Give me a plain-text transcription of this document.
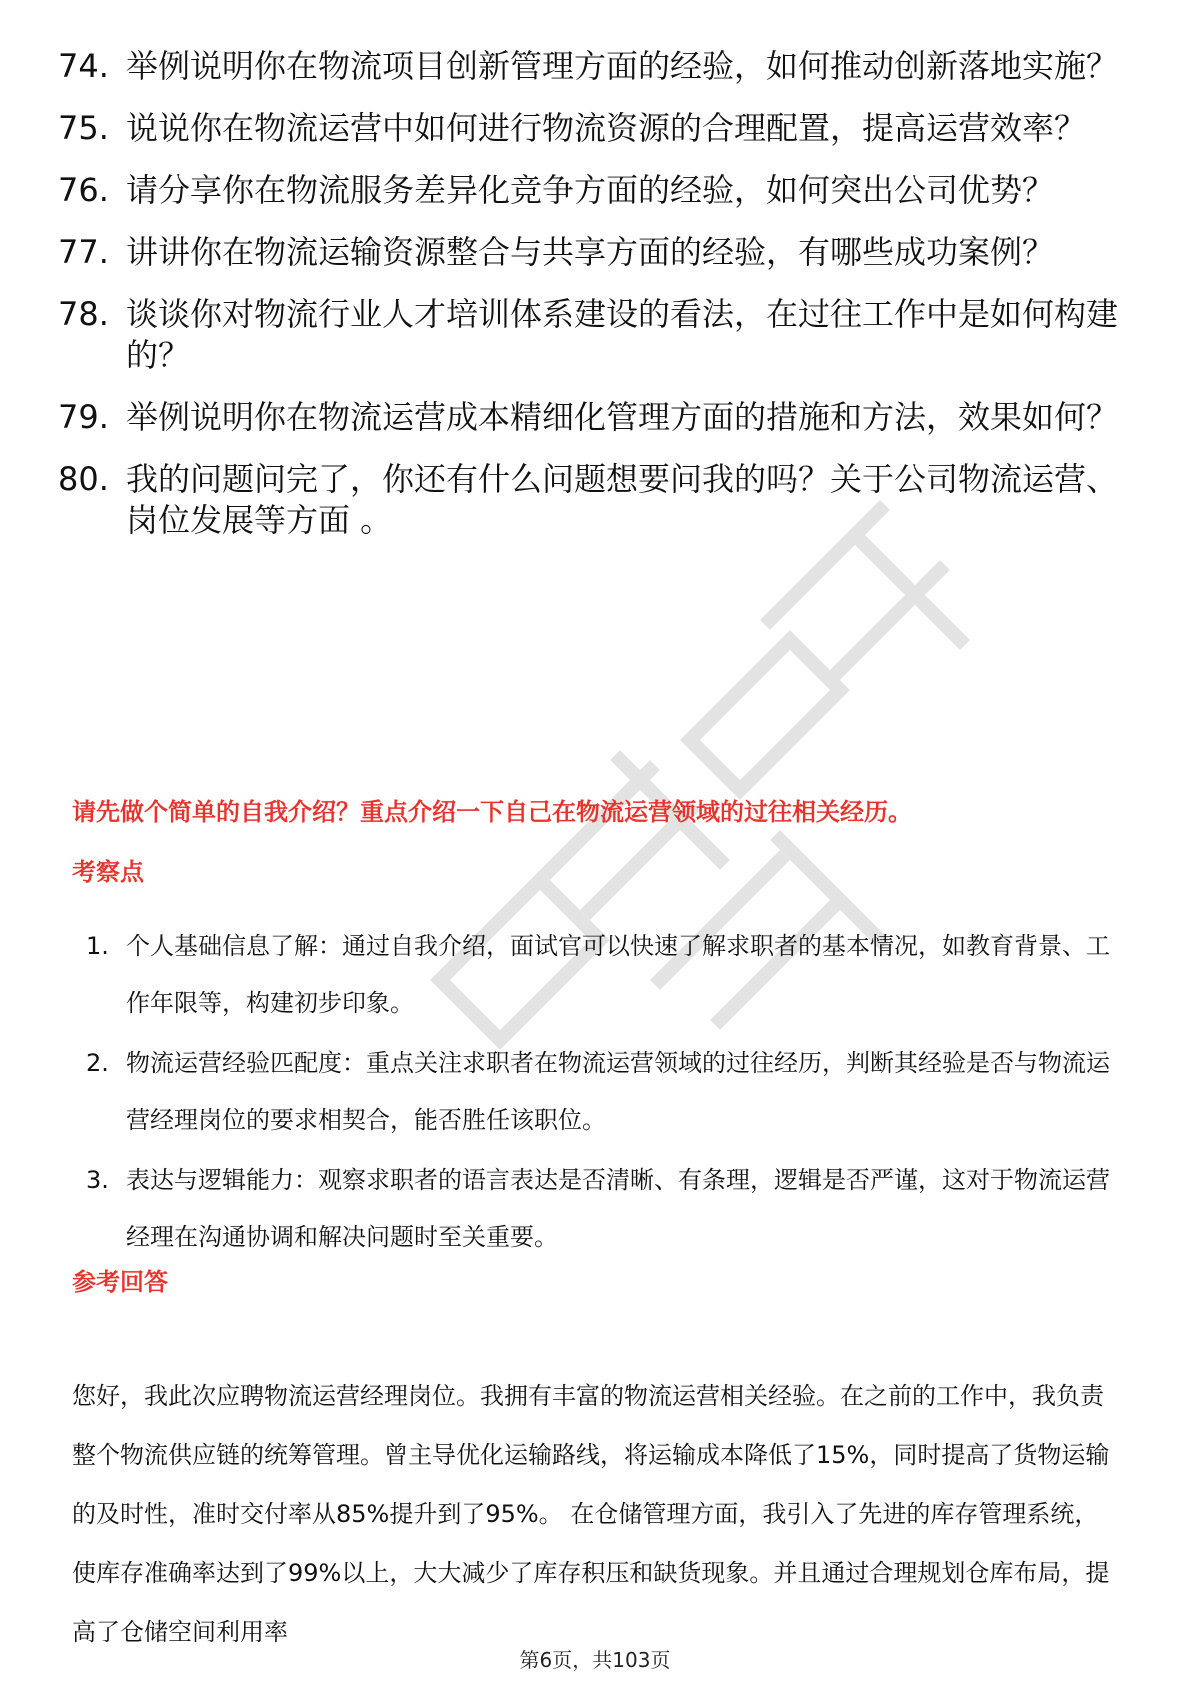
74. 举例说明你在物流项目创新管理方面的经验，如何推动创新落地实施？
75. 说说你在物流运营中如何进行物流资源的合理配置，提高运营效率？
76. 请分享你在物流服务差异化竞争方面的经验，如何突出公司优势？
77. 讲讲你在物流运输资源整合与共享方面的经验，有哪些成功案例？
78. 谈谈你对物流行业人才培训体系建设的看法，在过往工作中是如何构建的？
79. 举例说明你在物流运营成本精细化管理方面的措施和方法，效果如何？
80. 我的问题问完了，你还有什么问题想要问我的吗？关于公司物流运营、岗位发展等方面 。
请先做个简单的自我介绍？重点介绍一下自己在物流运营领域的过往相关经历。
考察点
1. 个人基础信息了解：通过自我介绍，面试官可以快速了解求职者的基本情况，如教育背景、工作年限等，构建初步印象。
2. 物流运营经验匹配度：重点关注求职者在物流运营领域的过往经历，判断其经验是否与物流运营经理岗位的要求相契合，能否胜任该职位。
3. 表达与逻辑能力：观察求职者的语言表达是否清晰、有条理，逻辑是否严谨，这对于物流运营经理在沟通协调和解决问题时至关重要。
参考回答

您好，我此次应聘物流运营经理岗位。我拥有丰富的物流运营相关经验。在之前的工作中，我负责整个物流供应链的统筹管理。曾主导优化运输路线，将运输成本降低了15%，同时提高了货物运输的及时性，准时交付率从85%提升到了95%。 在仓储管理方面，我引入了先进的库存管理系统，使库存准确率达到了99%以上，大大减少了库存积压和缺货现象。并且通过合理规划仓库布局，提高了仓储空间利用率

第6页，共103页
